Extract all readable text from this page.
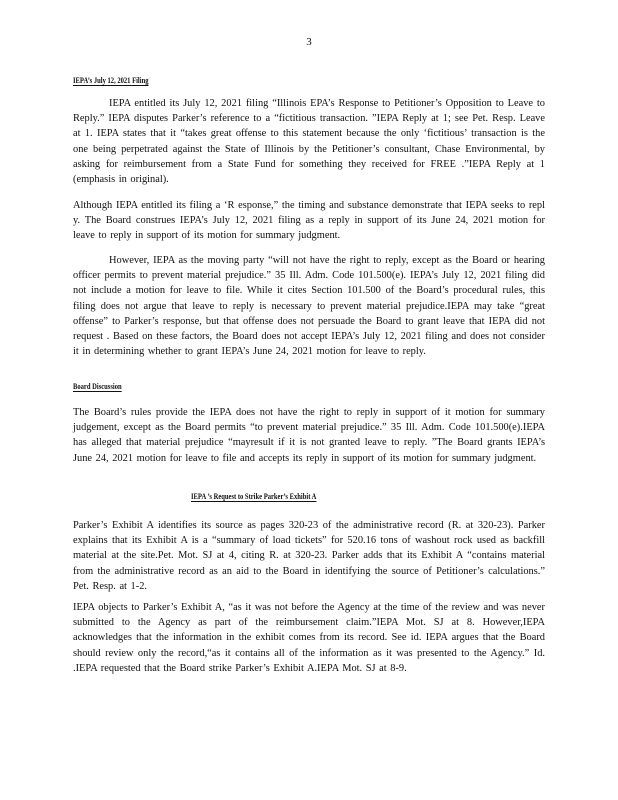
3
IEPA’s July 12, 2021 Filing

IEPA entitled its July 12, 2021 filing “Illinois EPA’s Response to Petitioner’s Opposition to Leave to Reply.” IEPA disputes Parker’s reference to a “fictitious transaction. ”IEPA Reply at 1; see Pet. Resp. Leave at 1. IEPA states that it “takes great offense to this statement because the only ‘fictitious’ transaction is the one being perpetrated against the State of Illinois by the Petitioner’s consultant, Chase Environmental, by asking for reimbursement from a State Fund for something they received for FREE .”IEPA Reply at 1 (emphasis in original).

Although IEPA entitled its filing a ‘R esponse,” the timing and substance demonstrate that IEPA seeks to repl y. The Board construes IEPA’s July 12, 2021 filing as a reply in support of its June 24, 2021 motion for leave to reply in support of its motion for summary judgment.

However, IEPA as the moving party “will not have the right to reply, except as the Board or hearing officer permits to prevent material prejudice.” 35 Ill. Adm. Code 101.500(e). IEPA’s July 12, 2021 filing did not include a motion for leave to file. While it cites Section 101.500 of the Board’s procedural rules, this filing does not argue that leave to reply is necessary to prevent material prejudice.IEPA may take “great offense” to Parker’s response, but that offense does not persuade the Board to grant leave that IEPA did not request . Based on these factors, the Board does not accept IEPA’s July 12, 2021 filing and does not consider it in determining whether to grant IEPA’s June 24, 2021 motion for leave to reply.

Board Discussion

The Board’s rules provide the IEPA does not have the right to reply in support of it motion for summary judgement, except as the Board permits “to prevent material prejudice.” 35 Ill. Adm. Code 101.500(e).IEPA has alleged that material prejudice “mayresult if it is not granted leave to reply. ”The Board grants IEPA’s June 24, 2021 motion for leave to file and accepts its reply in support of its motion for summary judgment.

IEPA ’s Request to Strike Parker’s Exhibit A

Parker’s Exhibit A identifies its source as pages 320-23 of the administrative record (R. at 320-23). Parker explains that its Exhibit A is a “summary of load tickets” for 520.16 tons of washout rock used as backfill material at the site.Pet. Mot. SJ at 4, citing R. at 320-23. Parker adds that its Exhibit A “contains material from the administrative record as an aid to the Board in identifying the source of Petitioner’s calculations.” Pet. Resp. at 1-2.

IEPA objects to Parker’s Exhibit A, “as it was not before the Agency at the time of the review and was never submitted to the Agency as part of the reimbursement claim.”IEPA Mot. SJ at 8. However,IEPA acknowledges that the information in the exhibit comes from its record. See id. IEPA argues that the Board should review only the record,“as it contains all of the information as it was presented to the Agency.” Id. .IEPA requested that the Board strike Parker’s Exhibit A.IEPA Mot. SJ at 8-9.
